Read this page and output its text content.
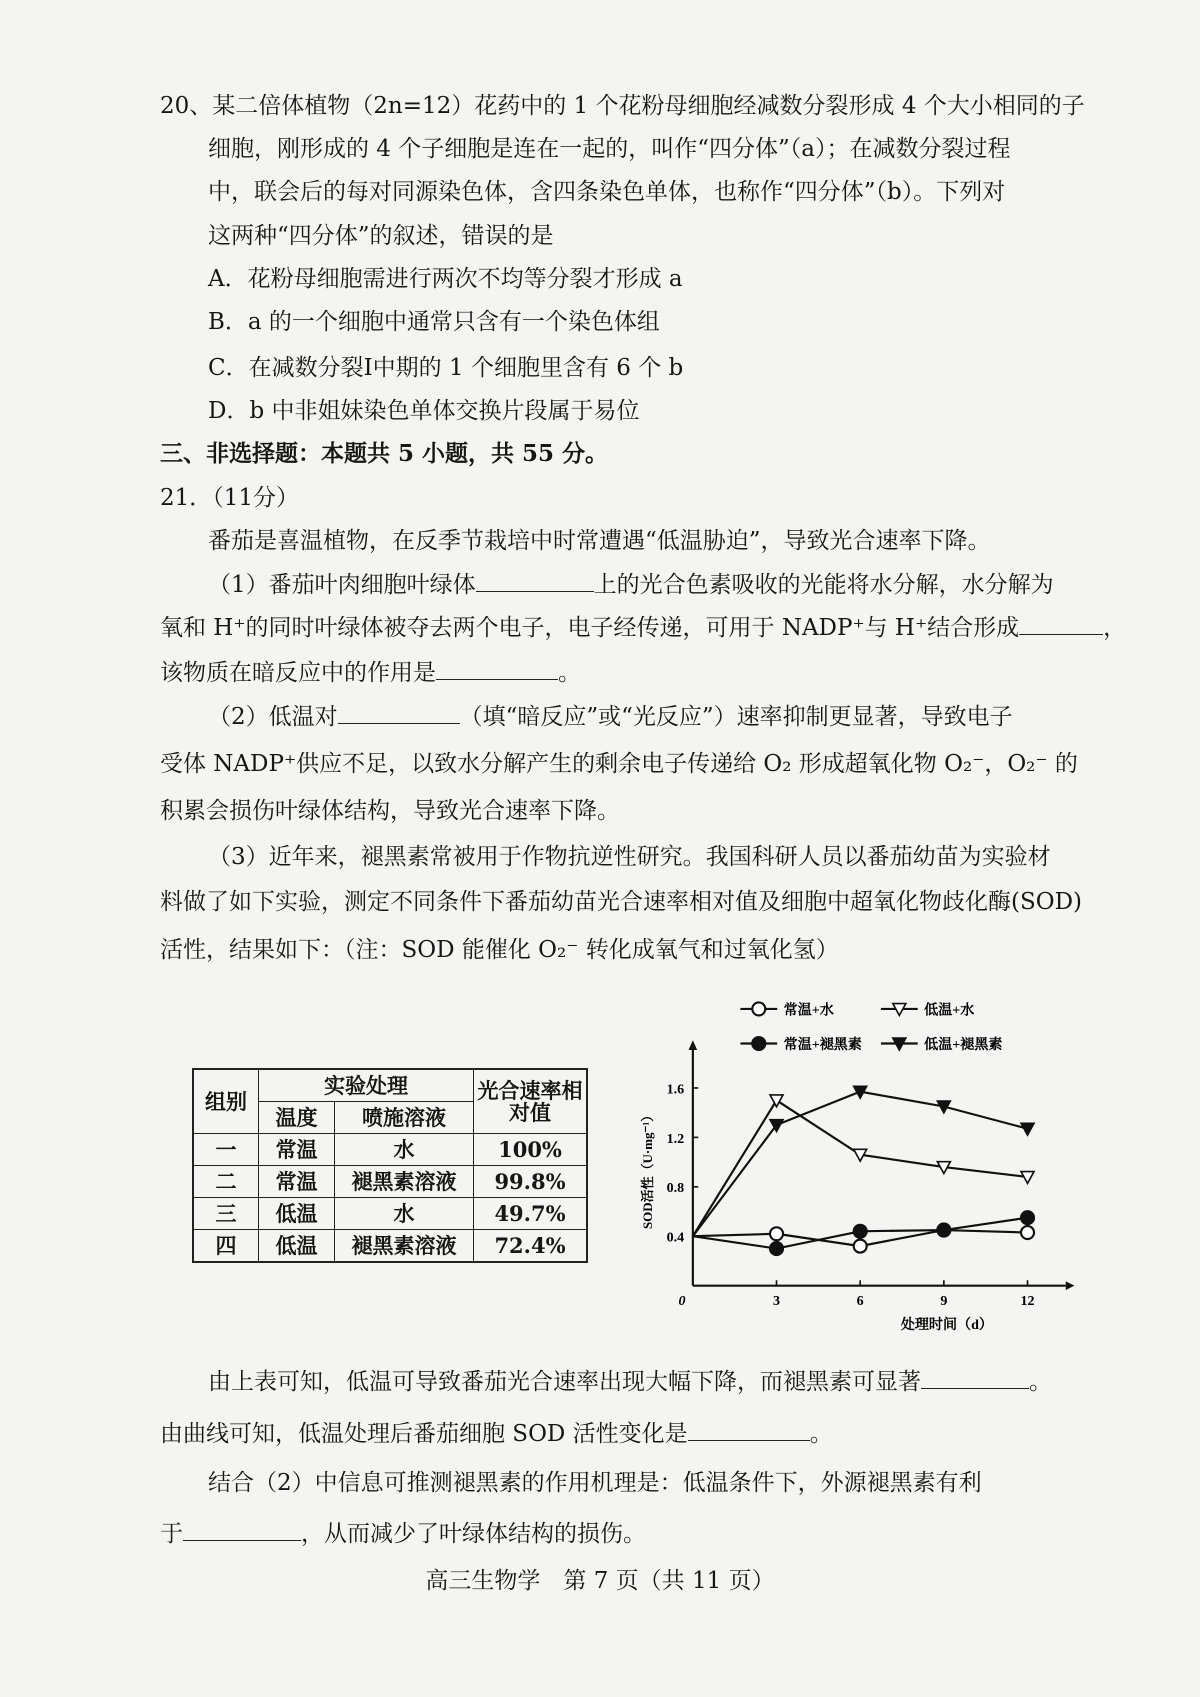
20、某二倍体植物（2n=12）花药中的 1 个花粉母细胞经减数分裂形成 4 个大小相同的子
细胞，刚形成的 4 个子细胞是连在一起的，叫作“四分体”（a）；在减数分裂过程
中，联会后的每对同源染色体，含四条染色单体，也称作“四分体”（b）。下列对
这两种“四分体”的叙述，错误的是
A．花粉母细胞需进行两次不均等分裂才形成 a
B．a 的一个细胞中通常只含有一个染色体组
C．在减数分裂Ⅰ中期的 1 个细胞里含有 6 个 b
D．b 中非姐妹染色单体交换片段属于易位
三、非选择题：本题共 5 小题，共 55 分。
21．（11分）
番茄是喜温植物，在反季节栽培中时常遭遇“低温胁迫”，导致光合速率下降。
（1）番茄叶肉细胞叶绿体	上的光合色素吸收的光能将水分解，水分解为
氧和 H⁺的同时叶绿体被夺去两个电子，电子经传递，可用于 NADP⁺与 H⁺结合形成	，
该物质在暗反应中的作用是	。
（2）低温对	（填“暗反应”或“光反应”）速率抑制更显著，导致电子
受体 NADP⁺供应不足，以致水分解产生的剩余电子传递给 O₂ 形成超氧化物 O₂⁻，O₂⁻ 的
积累会损伤叶绿体结构，导致光合速率下降。
（3）近年来，褪黑素常被用于作物抗逆性研究。我国科研人员以番茄幼苗为实验材
料做了如下实验，测定不同条件下番茄幼苗光合速率相对值及细胞中超氧化物歧化酶(SOD)
活性，结果如下：（注：SOD 能催化 O₂⁻ 转化成氧气和过氧化氢）
组别	实验处理		光合速率相对值
	温度	喷施溶液	
一	常温	水	100%
二	常温	褪黑素溶液	99.8%
三	低温	水	49.7%
四	低温	褪黑素溶液	72.4%
0	3	6	9	12
0.4
0.8
1.2
1.6
处理时间（d）
SOD活性（U·mg⁻¹）
常温+水	低温+水
常温+褪黑素	低温+褪黑素
由上表可知，低温可导致番茄光合速率出现大幅下降，而褪黑素可显著	。
由曲线可知，低温处理后番茄细胞 SOD 活性变化是	。
结合（2）中信息可推测褪黑素的作用机理是：低温条件下，外源褪黑素有利
于	，从而减少了叶绿体结构的损伤。
高三生物学　第 7 页（共 11 页）
